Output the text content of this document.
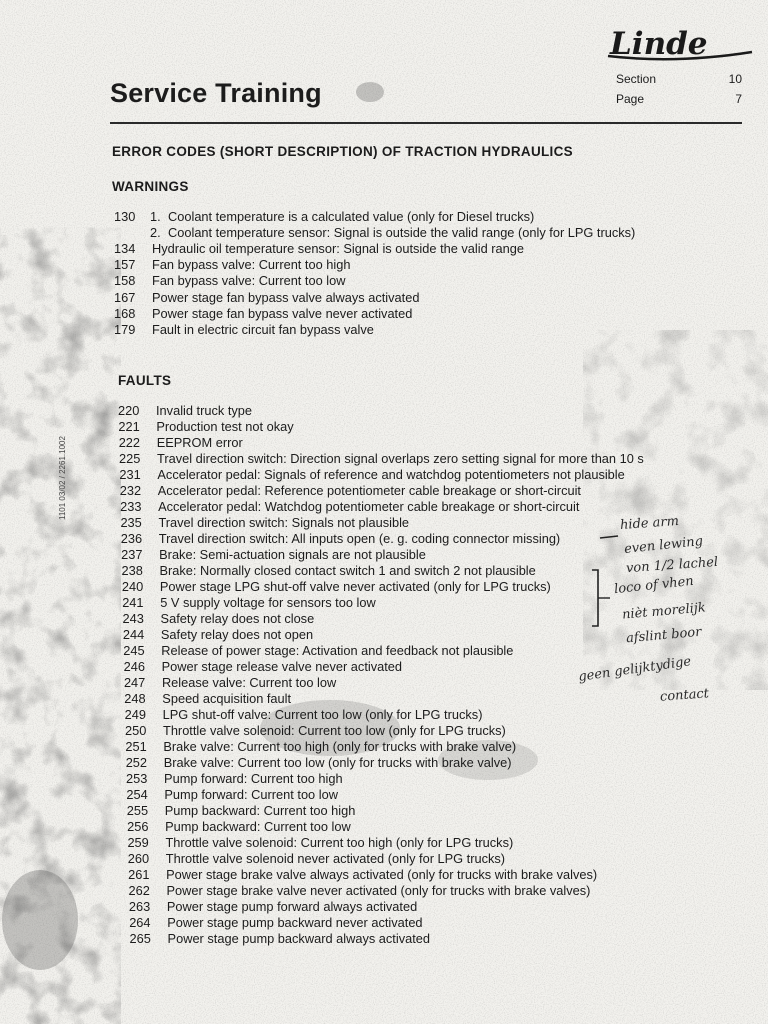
Linde
Service Training	Section	10
Page	7
ERROR CODES (SHORT DESCRIPTION) OF TRACTION HYDRAULICS
WARNINGS
130	1. Coolant temperature is a calculated value (only for Diesel trucks)
2. Coolant temperature sensor: Signal is outside the valid range (only for LPG trucks)
134	Hydraulic oil temperature sensor: Signal is outside the valid range
157	Fan bypass valve: Current too high
158	Fan bypass valve: Current too low
167	Power stage fan bypass valve always activated
168	Power stage fan bypass valve never activated
179	Fault in electric circuit fan bypass valve
FAULTS
220	Invalid truck type
221	Production test not okay
222	EEPROM error
225	Travel direction switch: Direction signal overlaps zero setting signal for more than 10 s
231	Accelerator pedal: Signals of reference and watchdog potentiometers not plausible
232	Accelerator pedal: Reference potentiometer cable breakage or short-circuit
233	Accelerator pedal: Watchdog potentiometer cable breakage or short-circuit
235	Travel direction switch: Signals not plausible
236	Travel direction switch: All inputs open (e. g. coding connector missing)
237	Brake: Semi-actuation signals are not plausible
238	Brake: Normally closed contact switch 1 and switch 2 not plausible
240	Power stage LPG shut-off valve never activated (only for LPG trucks)
241	5 V supply voltage for sensors too low
243	Safety relay does not close
244	Safety relay does not open
245	Release of power stage: Activation and feedback not plausible
246	Power stage release valve never activated
247	Release valve: Current too low
248	Speed acquisition fault
249	LPG shut-off valve: Current too low (only for LPG trucks)
250	Throttle valve solenoid: Current too low (only for LPG trucks)
251	Brake valve: Current too high (only for trucks with brake valve)
252	Brake valve: Current too low (only for trucks with brake valve)
253	Pump forward: Current too high
254	Pump forward: Current too low
255	Pump backward: Current too high
256	Pump backward: Current too low
259	Throttle valve solenoid: Current too high (only for LPG trucks)
260	Throttle valve solenoid never activated (only for LPG trucks)
261	Power stage brake valve always activated (only for trucks with brake valves)
262	Power stage brake valve never activated (only for trucks with brake valves)
263	Power stage pump forward always activated
264	Power stage pump backward never activated
265	Power stage pump backward always activated
1101 03/02 / 2261.1002
hide arm
even lewing
von 1/2 lachel
loco of vhen
nièt morelijk
afslint boor
geen gelijktydige
contact
